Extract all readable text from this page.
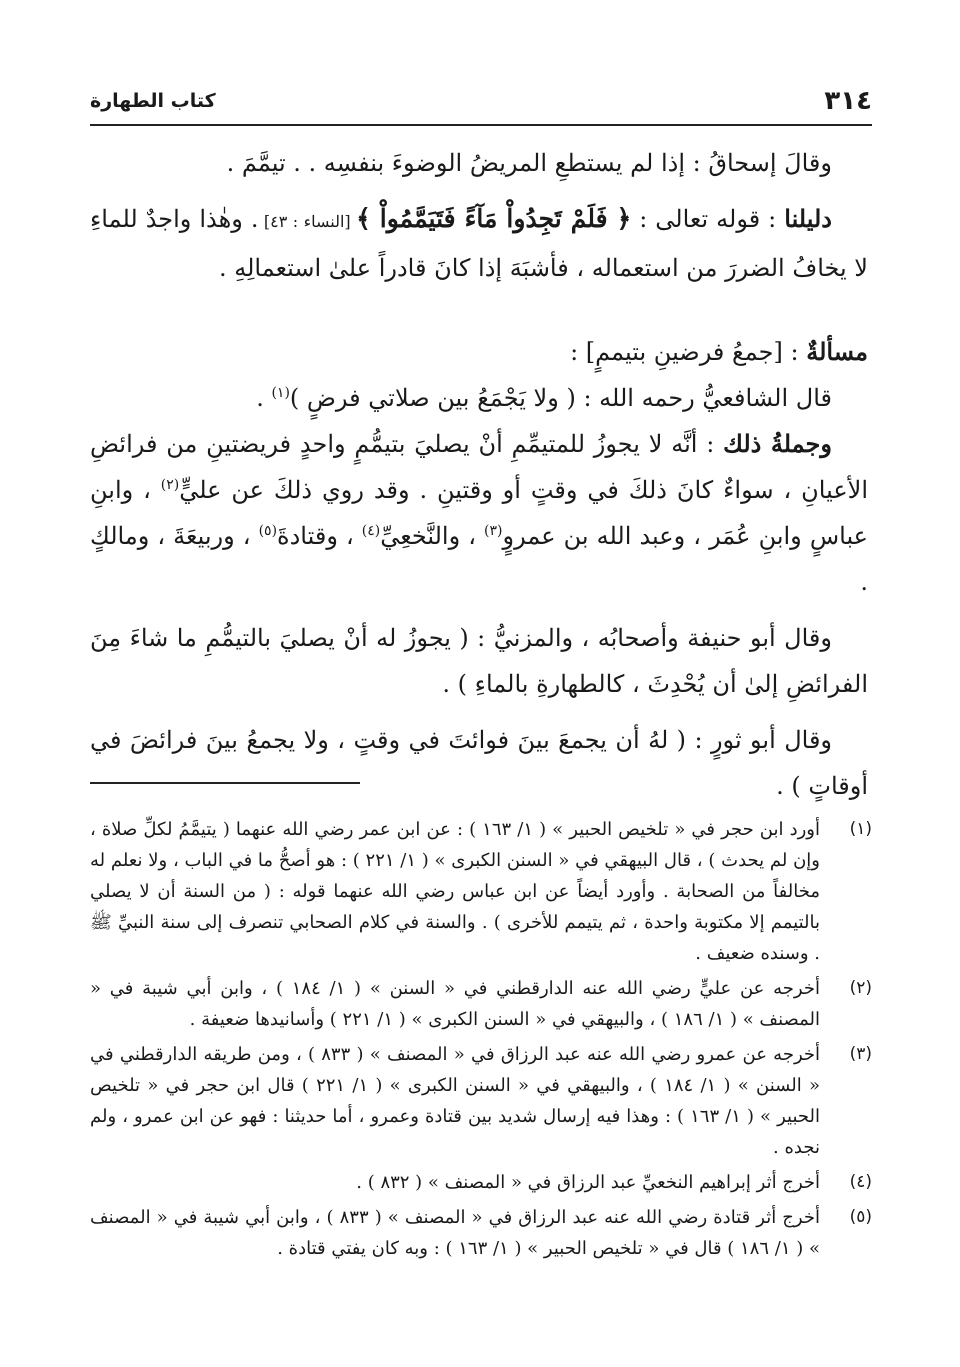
٣١٤
كتاب الطهارة

وقالَ إسحاقُ : إذا لم يستطعِ المريضُ الوضوءَ بنفسِه . . تيمَّمَ .

دليلنا : قوله تعالى : ﴿ فَلَمْ تَجِدُواْ مَآءً فَتَيَمَّمُواْ ﴾ [النساء : ٤٣] . وهٰذا واجدٌ للماءِ لا يخافُ الضررَ من استعماله ، فأشبَهَ إذا كانَ قادراً علىٰ استعمالِهِ .

مسألةٌ : [جمعُ فرضينِ بتيممٍ] :

قال الشافعيُّ رحمه الله : ( ولا يَجْمَعُ بين صلاتي فرضٍ )$^{(١)}$ .

وجملةُ ذلك : أنَّه لا يجوزُ للمتيمِّمِ أنْ يصليَ بتيمُّمٍ واحدٍ فريضتينِ من فرائضِ الأعيانِ ، سواءٌ كانَ ذلكَ في وقتٍ أو وقتينِ . وقد روي ذلكَ عن عليٍّ$^{(٢)}$ ، وابنِ عباسٍ وابنِ عُمَر ، وعبد الله بن عمروٍ$^{(٣)}$ ، والنَّخعِيِّ$^{(٤)}$ ، وقتادةَ$^{(٥)}$ ، وربيعَةَ ، ومالكٍ .

وقال أبو حنيفة وأصحابُه ، والمزنيُّ : ( يجوزُ له أنْ يصليَ بالتيمُّمِ ما شاءَ مِنَ الفرائضِ إلىٰ أن يُحْدِثَ ، كالطهارةِ بالماءِ ) .

وقال أبو ثورٍ : ( لهُ أن يجمعَ بينَ فوائتَ في وقتٍ ، ولا يجمعُ بينَ فرائضَ في أوقاتٍ ) .

(١)
أورد ابن حجر في « تلخيص الحبير » ( ١/ ١٦٣ ) : عن ابن عمر رضي الله عنهما ( يتيمَّمُ لكلِّ صلاة ، وإن لم يحدث ) ، قال البيهقي في « السنن الكبرى » ( ١/ ٢٢١ ) : هو أصحُّ ما في الباب ، ولا نعلم له مخالفاً من الصحابة . وأورد أيضاً عن ابن عباس رضي الله عنهما قوله : ( من السنة أن لا يصلي بالتيمم إلا مكتوبة واحدة ، ثم يتيمم للأخرى ) . والسنة في كلام الصحابي تنصرف إلى سنة النبيِّ ﷺ . وسنده ضعيف .
(٢)
أخرجه عن عليٍّ رضي الله عنه الدارقطني في « السنن » ( ١/ ١٨٤ ) ، وابن أبي شيبة في « المصنف » ( ١/ ١٨٦ ) ، والبيهقي في « السنن الكبرى » ( ١/ ٢٢١ ) وأسانيدها ضعيفة .
(٣)
أخرجه عن عمرو رضي الله عنه عبد الرزاق في « المصنف » ( ٨٣٣ ) ، ومن طريقه الدارقطني في « السنن » ( ١/ ١٨٤ ) ، والبيهقي في « السنن الكبرى » ( ١/ ٢٢١ ) قال ابن حجر في « تلخيص الحبير » ( ١/ ١٦٣ ) : وهذا فيه إرسال شديد بين قتادة وعمرو ، أما حديثنا : فهو عن ابن عمرو ، ولم نجده .
(٤)
أخرج أثر إبراهيم النخعيِّ عبد الرزاق في « المصنف » ( ٨٣٢ ) .
(٥)
أخرج أثر قتادة رضي الله عنه عبد الرزاق في « المصنف » ( ٨٣٣ ) ، وابن أبي شيبة في « المصنف » ( ١/ ١٨٦ ) قال في « تلخيص الحبير » ( ١/ ١٦٣ ) : وبه كان يفتي قتادة .
